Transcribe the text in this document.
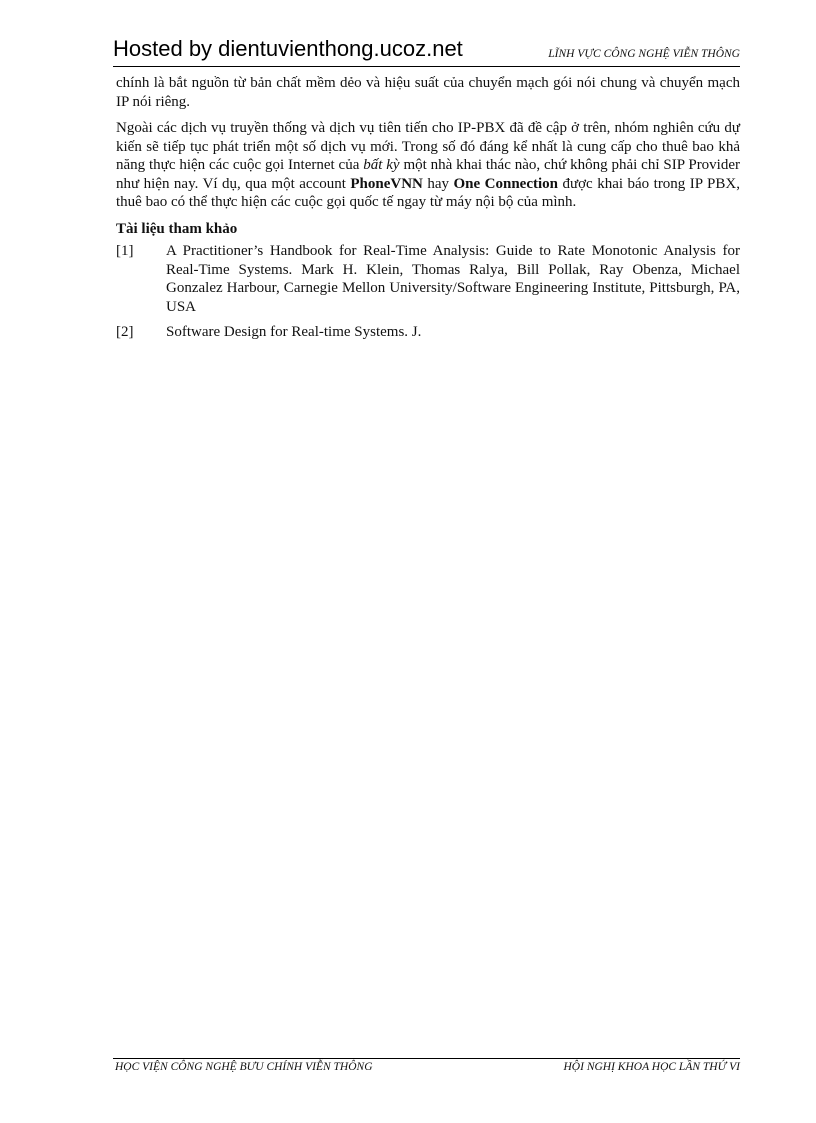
Hosted by dientuvienthong.ucoz.net	LĨNH VỰC CÔNG NGHỆ VIỄN THÔNG

chính là bắt nguồn từ bản chất mềm dẻo và hiệu suất của chuyển mạch gói nói chung và chuyển mạch IP nói riêng.

Ngoài các dịch vụ truyền thống và dịch vụ tiên tiến cho IP-PBX đã đề cập ở trên, nhóm nghiên cứu dự kiến sẽ tiếp tục phát triển một số dịch vụ mới. Trong số đó đáng kể nhất là cung cấp cho thuê bao khả năng thực hiện các cuộc gọi Internet của bất kỳ một nhà khai thác nào, chứ không phải chỉ SIP Provider như hiện nay. Ví dụ, qua một account PhoneVNN hay One Connection được khai báo trong IP PBX, thuê bao có thể thực hiện các cuộc gọi quốc tế ngay từ máy nội bộ của mình.

Tài liệu tham khảo
[1]	A Practitioner’s Handbook for Real-Time Analysis: Guide to Rate Monotonic Analysis for Real-Time Systems. Mark H. Klein, Thomas Ralya, Bill Pollak, Ray Obenza, Michael Gonzalez Harbour, Carnegie Mellon University/Software Engineering Institute, Pittsburgh, PA, USA
[2]	Software Design for Real-time Systems. J.
HỌC VIỆN CÔNG NGHỆ BƯU CHÍNH VIỄN THÔNG	HỘI NGHỊ KHOA HỌC LẦN THỨ VI
